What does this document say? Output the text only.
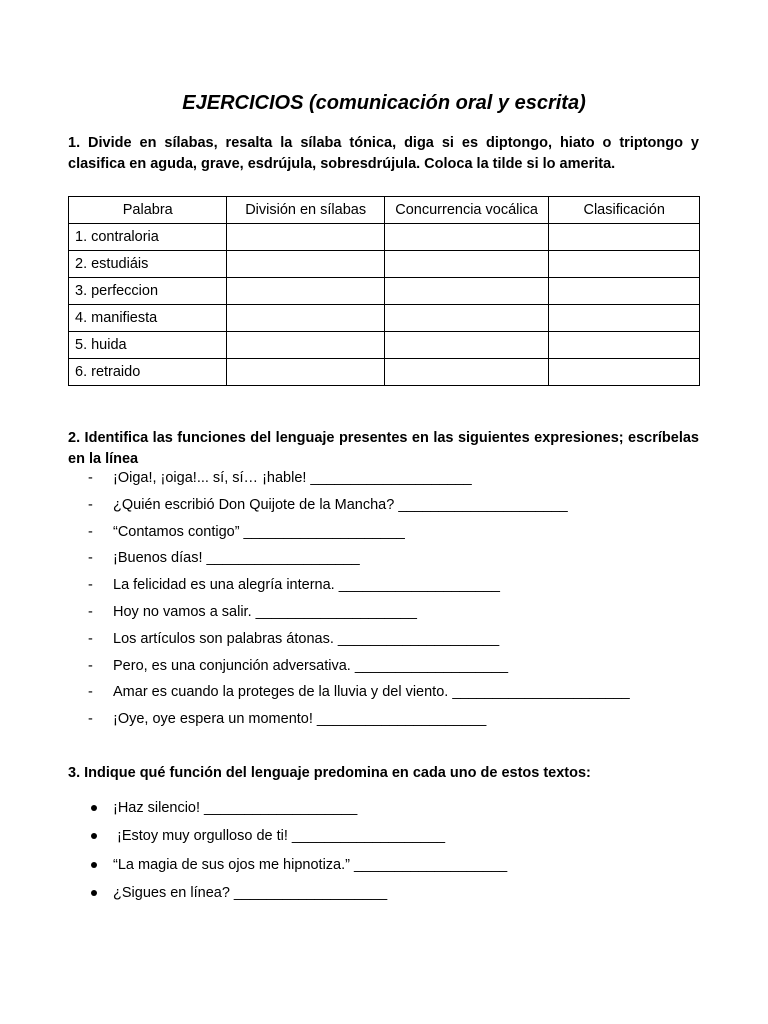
EJERCICIOS (comunicación oral y escrita)

1. Divide en sílabas, resalta la sílaba tónica, diga si es diptongo, hiato o triptongo y clasifica en aguda, grave, esdrújula, sobresdrújula. Coloca la tilde si lo amerita.

Palabra	División en sílabas	Concurrencia vocálica	Clasificación
1. contraloria			
2. estudiáis			
3. perfeccion			
4. manifiesta			
5. huida			
6. retraido			

2. Identifica las funciones del lenguaje presentes en las siguientes expresiones; escríbelas en la línea

- ¡Oiga!, ¡oiga!... sí, sí… ¡hable! ____________________
- ¿Quién escribió Don Quijote de la Mancha? _____________________
- “Contamos contigo” ____________________
- ¡Buenos días! ___________________
- La felicidad es una alegría interna. ____________________
- Hoy no vamos a salir. ____________________
- Los artículos son palabras átonas. ____________________
- Pero, es una conjunción adversativa. ___________________
- Amar es cuando la proteges de la lluvia y del viento. ______________________
- ¡Oye, oye espera un momento! _____________________

3. Indique qué función del lenguaje predomina en cada uno de estos textos:

¡Haz silencio! ___________________
¡Estoy muy orgulloso de ti! ___________________
“La magia de sus ojos me hipnotiza.” ___________________
¿Sigues en línea? ___________________
